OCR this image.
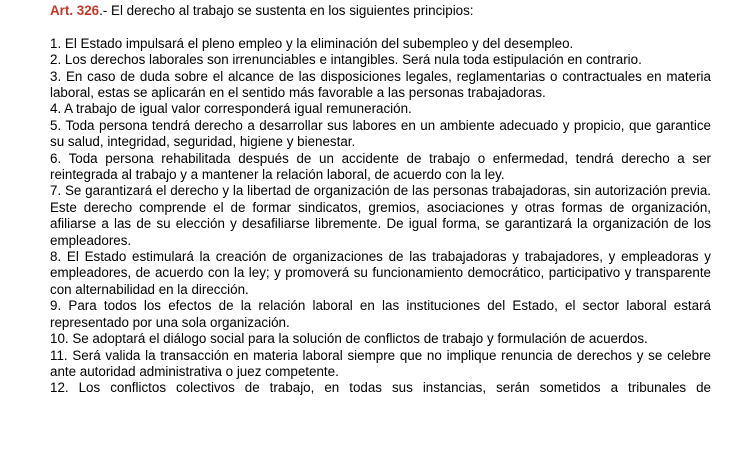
Art. 326.- El derecho al trabajo se sustenta en los siguientes principios:
1. El Estado impulsará el pleno empleo y la eliminación del subempleo y del desempleo.
2. Los derechos laborales son irrenunciables e intangibles. Será nula toda estipulación en contrario.
3. En caso de duda sobre el alcance de las disposiciones legales, reglamentarias o contractuales en materia laboral, estas se aplicarán en el sentido más favorable a las personas trabajadoras.
4. A trabajo de igual valor corresponderá igual remuneración.
5. Toda persona tendrá derecho a desarrollar sus labores en un ambiente adecuado y propicio, que garantice su salud, integridad, seguridad, higiene y bienestar.
6. Toda persona rehabilitada después de un accidente de trabajo o enfermedad, tendrá derecho a ser reintegrada al trabajo y a mantener la relación laboral, de acuerdo con la ley.
7. Se garantizará el derecho y la libertad de organización de las personas trabajadoras, sin autorización previa. Este derecho comprende el de formar sindicatos, gremios, asociaciones y otras formas de organización, afiliarse a las de su elección y desafiliarse libremente. De igual forma, se garantizará la organización de los empleadores.
8. El Estado estimulará la creación de organizaciones de las trabajadoras y trabajadores, y empleadoras y empleadores, de acuerdo con la ley; y promoverá su funcionamiento democrático, participativo y transparente con alternabilidad en la dirección.
9. Para todos los efectos de la relación laboral en las instituciones del Estado, el sector laboral estará representado por una sola organización.
10. Se adoptará el diálogo social para la solución de conflictos de trabajo y formulación de acuerdos.
11. Será valida la transacción en materia laboral siempre que no implique renuncia de derechos y se celebre ante autoridad administrativa o juez competente.
12. Los conflictos colectivos de trabajo, en todas sus instancias, serán sometidos a tribunales de
